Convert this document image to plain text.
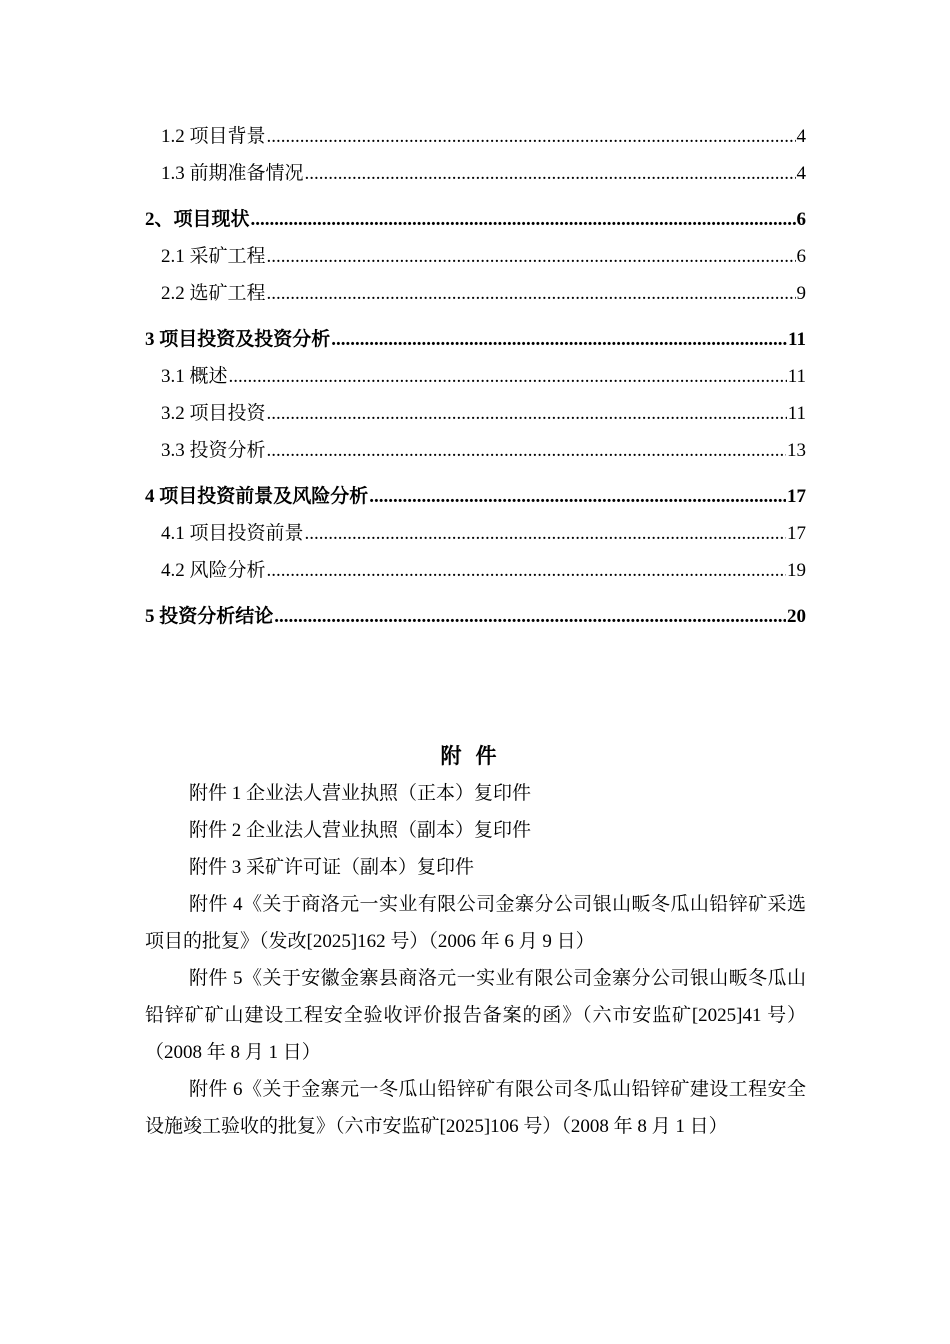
1.2 项目背景 .....	4
1.3 前期准备情况 .....	4
2、项目现状 .....	6
2.1 采矿工程 .....	6
2.2 选矿工程 .....	9
3 项目投资及投资分析 .....	11
3.1 概述 .....	11
3.2 项目投资 .....	11
3.3 投资分析 .....	13
4 项目投资前景及风险分析 .....	17
4.1 项目投资前景 .....	17
4.2 风险分析 .....	19
5 投资分析结论 .....	20
附件

附件 1 企业法人营业执照（正本）复印件

附件 2 企业法人营业执照（副本）复印件

附件 3 采矿许可证（副本）复印件

附件 4《关于商洛元一实业有限公司金寨分公司银山畈冬瓜山铅锌矿采选项目的批复》（发改[2025]162 号）（2006 年 6 月 9 日）

附件 5《关于安徽金寨县商洛元一实业有限公司金寨分公司银山畈冬瓜山铅锌矿矿山建设工程安全验收评价报告备案的函》（六市安监矿[2025]41 号）（2008 年 8 月 1 日）

附件 6《关于金寨元一冬瓜山铅锌矿有限公司冬瓜山铅锌矿建设工程安全设施竣工验收的批复》（六市安监矿[2025]106 号）（2008 年 8 月 1 日）
